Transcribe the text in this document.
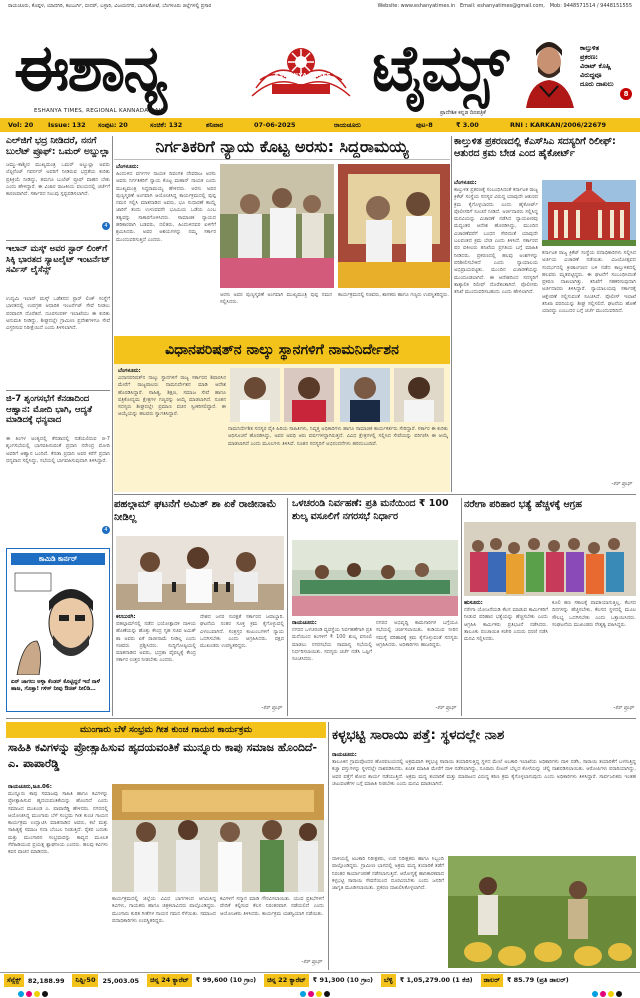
ರಾಯಚೂರು, ಕೊಪ್ಪಳ, ಯಾದಗಿರಿ, ಕಲಬುರ್ಗಿ, ಬೀದರ್, ಬಳ್ಳಾರಿ, ವಿಜಯನಗರ, ಬಾಗಲಕೋಟೆ, ಬೆಂಗಳೂರು ಜಿಲ್ಲೆಗಳಲ್ಲಿ ಪ್ರಸಾರ	Website: www.eshanyatimes.in Email: eshanyatimes@gmail.com, Mob: 9448571514 / 9448151555
ಈಶಾನ್ಯ	ESHANYA TIMES ಟೈಮ್ಸ್
ESHANYA TIMES, REGIONAL KANNADA DAILY	ಪ್ರಾದೇಶಿಕ ಕನ್ನಡ ದಿನಪತ್ರಿಕೆ
ಕಾಲ್ತುಳಿತ
ಪ್ರಕರಣ:
ವಿರಾಟ್ ಕೊಹ್ಲಿ
ವಿರುದ್ಧವೂ
ದೂರು ದಾಖಲು
8
Vol: 20	Issue: 132	ಸಂಪುಟ: 20	ಸಂಚಿಕೆ: 132	ಶನಿವಾರ	07-06-2025	ರಾಯಚೂರು	ಪುಟ-8	₹ 3.00	RNI : KARKAN/2006/22679
ಎಲ್‌ಜಿ‌ಗೆ ಭದ್ರ ನೀಡಿದರೆ, ನನಗೆ ಬುಲೆಟ್ ಪ್ರೂಫ್: ಒಮರ್ ಅಬ್ದುಲ್ಲಾ
ಜಮ್ಮು-ಕಾಶ್ಮೀರ ಮುಖ್ಯಮಂತ್ರಿ ಒಮರ್ ಅಬ್ದುಲ್ಲಾ ಅವರು ಲೆಫ್ಟಿನೆಂಟ್ ಗವರ್ನರ್ ಅವರಿಗೆ ನೀಡಿರುವ ಭದ್ರತೆಯ ಕುರಿತು ಪ್ರತಿಕ್ರಿಯೆ ನೀಡಿದ್ದು, ತಮಗೂ ಬುಲೆಟ್ ಪ್ರೂಫ್ ವಾಹನ ಬೇಕು ಎಂದು ಹೇಳಿದ್ದಾರೆ. ಈ ವಿಚಾರ ರಾಜಕೀಯ ವಲಯದಲ್ಲಿ ಚರ್ಚೆಗೆ ಕಾರಣವಾಗಿದೆ. ಸರ್ಕಾರದ ನಿಲುವು ಸ್ಪಷ್ಟಪಡಿಸಲಾಗಿದೆ.
4
ಇಲಾನ್ ಮಸ್ಕ್ ಅವರ ಸ್ಟಾರ್ ಲಿಂಕ್‌ಗೆ ಸಿಕ್ಕಿ ಭಾರತದ ಸ್ಯಾಟಲೈಟ್ ಇಂಟರ್ನೆಟ್ ಸರ್ವಿಸ್ ಲೈಸೆನ್ಸ್
ಉದ್ಯಮಿ ಇಲಾನ್ ಮಸ್ಕ್ ಒಡೆತನದ ಸ್ಟಾರ್ ಲಿಂಕ್ ಸಂಸ್ಥೆಗೆ ಭಾರತದಲ್ಲಿ ಉಪಗ್ರಹ ಆಧಾರಿತ ಇಂಟರ್ನೆಟ್ ಸೇವೆ ನೀಡಲು ಪರವಾನಗಿ ದೊರೆತಿದೆ. ದೂರಸಂಪರ್ಕ ಇಲಾಖೆಯು ಈ ಕುರಿತು ಅನುಮತಿ ನೀಡಿದ್ದು, ಶೀಘ್ರದಲ್ಲೇ ಗ್ರಾಮೀಣ ಪ್ರದೇಶಗಳಿಗೂ ಸೇವೆ ವಿಸ್ತರಿಸುವ ನಿರೀಕ್ಷೆಯಿದೆ ಎಂದು ತಿಳಿಸಲಾಗಿದೆ.
ಜಿ-7 ಶೃಂಗಸಭೆಗೆ ಕೆನಡಾದಿಂದ ಆಹ್ವಾನ: ಮೋದಿ ಭಾಗಿ, ಆದ್ಯತೆ ಮಾಡಿದಕ್ಕೆ ಧನ್ಯವಾದ
ಈ ತಿಂಗಳ ಅಂತ್ಯದಲ್ಲಿ ಕೆನಡಾದಲ್ಲಿ ನಡೆಯಲಿರುವ ಜಿ-7 ಶೃಂಗಸಭೆಯಲ್ಲಿ ಭಾಗವಹಿಸುವಂತೆ ಪ್ರಧಾನಿ ನರೇಂದ್ರ ಮೋದಿ ಅವರಿಗೆ ಆಹ್ವಾನ ಬಂದಿದೆ. ಕೆನಡಾ ಪ್ರಧಾನಿ ಅವರ ಕರೆಗೆ ಪ್ರಧಾನಿ ಧನ್ಯವಾದ ಸಲ್ಲಿಸಿದ್ದು, ಸಭೆಯಲ್ಲಿ ಭಾಗವಹಿಸುವುದಾಗಿ ತಿಳಿಸಿದ್ದಾರೆ.
4
ಕಾಮಿಡಿ ಕಾರ್ನರ್
ಏನ್ ಜಾಗಲು ಅಳ್ಳಾ ಕೆಂಡರ್ ಕೊಟ್ಟಿದ್ದರೆ ಇದೆ ನಾಳೆ ಹಾಜ, ಗೊತ್ತಾ! ಗಳಿಸ್ ನೀವು ಔಚಿತ್ ನೀಲಿಡಿ…
ನಿರ್ಗತಿಕರಿಗೆ ನ್ಯಾಯ ಕೊಟ್ಟ ಅರಸು: ಸಿದ್ದರಾಮಯ್ಯ
ಬೆಂಗಳೂರು:
ಹಿಂದುಳಿದ ವರ್ಗಗಳ ನಾಯಕ ದಿವಂಗತ ದೇವರಾಜ ಅರಸು ಅವರು ನಿರ್ಗತಿಕರಿಗೆ ನ್ಯಾಯ ಕೊಟ್ಟ ಮಹಾನ್ ನಾಯಕ ಎಂದು ಮುಖ್ಯಮಂತ್ರಿ ಸಿದ್ದರಾಮಯ್ಯ ಹೇಳಿದರು. ಅರಸು ಅವರ ಪುಣ್ಯಸ್ಮರಣೆ ಅಂಗವಾಗಿ ಆಯೋಜಿಸಿದ್ದ ಕಾರ್ಯಕ್ರಮದಲ್ಲಿ ಪುಷ್ಪ ನಮನ ಸಲ್ಲಿಸಿ ಮಾತನಾಡಿದ ಅವರು, ಭೂ ಸುಧಾರಣೆ ಕಾಯ್ದೆ ಜಾರಿಗೆ ತಂದು ಉಳುವವನೇ ಭೂಮಿಯ ಒಡೆಯ ಎಂಬ ತತ್ವವನ್ನು ಸಾಕಾರಗೊಳಿಸಿದರು. ಸಾಮಾಜಿಕ ನ್ಯಾಯದ ಹರಿಕಾರರಾಗಿ ಬಡವರು, ದಲಿತರು, ಹಿಂದುಳಿದವರ ಏಳಿಗೆಗೆ ಶ್ರಮಿಸಿದರು. ಅವರ ಆಶಯಗಳನ್ನು ನಮ್ಮ ಸರ್ಕಾರ ಮುಂದುವರಿಸುತ್ತಿದೆ ಎಂದರು.
ಅರಸು ಅವರ ಪುಣ್ಯಸ್ಮರಣೆ ಅಂಗವಾಗಿ ಮುಖ್ಯಮಂತ್ರಿ ಪುಷ್ಪ ನಮನ ಸಲ್ಲಿಸಿದರು.
ಕಾರ್ಯಕ್ರಮದಲ್ಲಿ ಸಚಿವರು, ಶಾಸಕರು ಹಾಗೂ ಗಣ್ಯರು ಉಪಸ್ಥಿತರಿದ್ದರು.
ಕಾಲ್ತುಳಿತ ಪ್ರಕರಣದಲ್ಲಿ ಕೆಎಸ್‌ಸಿಎ ಸದಸ್ಯರಿಗೆ ರಿಲೀಫ್: ಆತುರದ ಕ್ರಮ ಬೇಡ ಎಂದ ಹೈಕೋರ್ಟ್
ಬೆಂಗಳೂರು:
ಕಾಲ್ತುಳಿತ ಪ್ರಕರಣಕ್ಕೆ ಸಂಬಂಧಿಸಿದಂತೆ ಕರ್ನಾಟಕ ರಾಜ್ಯ ಕ್ರಿಕೆಟ್ ಸಂಸ್ಥೆಯ ಸದಸ್ಯರ ವಿರುದ್ಧ ಯಾವುದೇ ಆತುರದ ಕ್ರಮ ಕೈಗೊಳ್ಳಬಾರದು ಎಂದು ಹೈಕೋರ್ಟ್ ಪೊಲೀಸರಿಗೆ ಸೂಚನೆ ನೀಡಿದೆ. ಅರ್ಜಿದಾರರು ಸಲ್ಲಿಸಿದ್ದ ಮನವಿಯನ್ನು ವಿಚಾರಣೆ ನಡೆಸಿದ ನ್ಯಾಯಪೀಠವು ಮಧ್ಯಂತರ ಆದೇಶ ಹೊರಡಿಸಿದ್ದು, ಮುಂದಿನ ವಿಚಾರಣೆವರೆಗೆ ಬಂಧನ ಸೇರಿದಂತೆ ಯಾವುದೇ ಬಲವಂತದ ಕ್ರಮ ಬೇಡ ಎಂದು ತಿಳಿಸಿದೆ. ಸರ್ಕಾರದ ಪರ ವಕೀಲರು ತನಿಖೆಯ ಪ್ರಗತಿಯ ಬಗ್ಗೆ ಮಾಹಿತಿ ನೀಡಿದರು. ಪ್ರಕರಣದಲ್ಲಿ ಹಲವು ಅಂಶಗಳನ್ನು ಪರಿಶೀಲಿಸಬೇಕಿದೆ ಎಂದು ನ್ಯಾಯಾಲಯ ಅಭಿಪ್ರಾಯಪಟ್ಟಿತು. ಮುಂದಿನ ವಿಚಾರಣೆಯನ್ನು ಮುಂದೂಡಲಾಗಿದೆ. ಈ ಆದೇಶದಿಂದ ಸದಸ್ಯರಿಗೆ ತಾತ್ಕಾಲಿಕ ರಿಲೀಫ್ ದೊರೆತಂತಾಗಿದೆ. ಪೊಲೀಸರು ತನಿಖೆ ಮುಂದುವರಿಸಬಹುದು ಎಂದು ಹೇಳಲಾಗಿದೆ.
ಕರ್ನಾಟಕ ರಾಜ್ಯ ಕ್ರಿಕೆಟ್ ಸಂಸ್ಥೆಯ ಪದಾಧಿಕಾರಿಗಳು ಸಲ್ಲಿಸಿದ ಅರ್ಜಿಯ ವಿಚಾರಣೆ ನಡೆಯಿತು. ವಿಜಯೋತ್ಸವದ ಸಂದರ್ಭದಲ್ಲಿ ಕ್ರೀಡಾಂಗಣದ ಬಳಿ ನಡೆದ ಕಾಲ್ತುಳಿತದಲ್ಲಿ ಹಲವರು ಮೃತಪಟ್ಟಿದ್ದರು. ಈ ಘಟನೆಗೆ ಸಂಬಂಧಿಸಿದಂತೆ ಪ್ರಕರಣ ದಾಖಲಾಗಿತ್ತು. ತನಿಖೆಗೆ ಸಹಕರಿಸುವುದಾಗಿ ಅರ್ಜಿದಾರರು ತಿಳಿಸಿದ್ದಾರೆ. ನ್ಯಾಯಾಲಯವು ಸರ್ಕಾರಕ್ಕೆ ಆಕ್ಷೇಪಣೆ ಸಲ್ಲಿಸುವಂತೆ ಸೂಚಿಸಿದೆ. ಪೊಲೀಸ್ ಇಲಾಖೆ ತನಿಖಾ ವರದಿಯನ್ನು ಶೀಘ್ರ ಸಲ್ಲಿಸಲಿದೆ. ಘಟನೆಯ ಹೊಣೆ ಯಾರದ್ದು ಎಂಬುದರ ಬಗ್ಗೆ ಚರ್ಚೆ ಮುಂದುವರಿದಿದೆ.
-ಕೆಸ್ ಪ್ರೂಫ್
ವಿಧಾನಪರಿಷತ್‌ನ ನಾಲ್ಕು ಸ್ಥಾನಗಳಿಗೆ ನಾಮನಿರ್ದೇಶನ
ಬೆಂಗಳೂರು:
ವಿಧಾನಪರಿಷತ್‌ನ ನಾಲ್ಕು ಸ್ಥಾನಗಳಿಗೆ ರಾಜ್ಯ ಸರ್ಕಾರದ ಶಿಫಾರಸಿನ ಮೇರೆಗೆ ರಾಜ್ಯಪಾಲರು ನಾಮನಿರ್ದೇಶನ ಮಾಡಿ ಆದೇಶ ಹೊರಡಿಸಿದ್ದಾರೆ. ಸಾಹಿತ್ಯ, ಶಿಕ್ಷಣ, ಸಮಾಜ ಸೇವೆ ಹಾಗೂ ಪತ್ರಿಕೋದ್ಯಮ ಕ್ಷೇತ್ರಗಳ ಗಣ್ಯರನ್ನು ಆಯ್ಕೆ ಮಾಡಲಾಗಿದೆ. ನೂತನ ಸದಸ್ಯರು ಶೀಘ್ರದಲ್ಲೇ ಪ್ರಮಾಣ ವಚನ ಸ್ವೀಕರಿಸಲಿದ್ದಾರೆ. ಈ ಆಯ್ಕೆಯನ್ನು ಹಲವರು ಸ್ವಾಗತಿಸಿದ್ದಾರೆ.
ನಾಮನಿರ್ದೇಶಿತ ಸದಸ್ಯರ ಪೈಕಿ ಹಿರಿಯ ಸಾಹಿತಿಗಳು, ನಿವೃತ್ತ ಅಧಿಕಾರಿಗಳು ಹಾಗೂ ಸಾಮಾಜಿಕ ಕಾರ್ಯಕರ್ತರು ಸೇರಿದ್ದಾರೆ. ಸರ್ಕಾರ ಈ ಕುರಿತು ಅಧಿಸೂಚನೆ ಹೊರಡಿಸಿದ್ದು, ಅವರ ಅವಧಿ ಆರು ವರ್ಷಗಳದ್ದಾಗಿರುತ್ತದೆ. ವಿವಿಧ ಕ್ಷೇತ್ರಗಳಲ್ಲಿ ಸಲ್ಲಿಸಿದ ಸೇವೆಯನ್ನು ಪರಿಗಣಿಸಿ ಈ ಆಯ್ಕೆ ಮಾಡಲಾಗಿದೆ ಎಂದು ಮೂಲಗಳು ತಿಳಿಸಿವೆ. ನೂತನ ಸದಸ್ಯರಿಗೆ ಅಭಿನಂದನೆಗಳು ಹರಿದುಬಂದಿವೆ.
ಪಹಲ್ಗಾಮ್ ಘಟನೆಗೆ ಅಮಿತ್ ಶಾ ಏಕೆ ರಾಜೀನಾಮೆ ನೀಡಿಲ್ಲ
ಕಲಬುರಗಿ:
ಪಹಲ್ಗಾಮ್‌ನಲ್ಲಿ ನಡೆದ ಭಯೋತ್ಪಾದಕ ದಾಳಿಯ ಹೊಣೆಯನ್ನು ಹೊತ್ತು ಕೇಂದ್ರ ಗೃಹ ಸಚಿವ ಅಮಿತ್ ಶಾ ಅವರು ಏಕೆ ರಾಜೀನಾಮೆ ನೀಡಿಲ್ಲ ಎಂದು ಸಚಿವರು ಪ್ರಶ್ನಿಸಿದರು. ಸುದ್ದಿಗೋಷ್ಠಿಯಲ್ಲಿ ಮಾತನಾಡಿದ ಅವರು, ಭದ್ರತಾ ವೈಫಲ್ಯಕ್ಕೆ ಕೇಂದ್ರ ಸರ್ಕಾರ ಉತ್ತರ ನೀಡಬೇಕು ಎಂದರು.
ದೇಶದ ಜನರ ಸುರಕ್ಷತೆ ಸರ್ಕಾರದ ಜವಾಬ್ದಾರಿ. ಘಟನೆಯ ನಂತರ ಸೂಕ್ತ ಕ್ರಮ ಕೈಗೊಳ್ಳುವಲ್ಲಿ ವಿಳಂಬವಾಗಿದೆ. ಸಂತ್ರಸ್ತರ ಕುಟುಂಬಗಳಿಗೆ ನ್ಯಾಯ ಒದಗಿಸಬೇಕು ಎಂದು ಆಗ್ರಹಿಸಿದರು. ಪಕ್ಷದ ಮುಖಂಡರು ಉಪಸ್ಥಿತರಿದ್ದರು.
-ಕೆಸ್ ಪ್ರೂಫ್
ಒಳಚರಂಡಿ ನಿರ್ವಹಣೆ: ಪ್ರತಿ ಮನೆಯಿಂದ ₹ 100 ಶುಲ್ಕ ವಸೂಲಿಗೆ ನಗರಸಭೆ ನಿರ್ಧಾರ
ರಾಯಚೂರು:
ನಗರದ ಒಳಚರಂಡಿ ವ್ಯವಸ್ಥೆಯ ನಿರ್ವಹಣೆಗಾಗಿ ಪ್ರತಿ ಮನೆಯಿಂದ ತಿಂಗಳಿಗೆ ₹ 100 ಶುಲ್ಕ ವಸೂಲಿ ಮಾಡಲು ನಗರಸಭೆಯ ಸಾಮಾನ್ಯ ಸಭೆಯಲ್ಲಿ ನಿರ್ಧರಿಸಲಾಯಿತು. ಸದಸ್ಯರು ಚರ್ಚೆ ನಡೆಸಿ ಒಪ್ಪಿಗೆ ಸೂಚಿಸಿದರು.
ನಗರದ ಅಭಿವೃದ್ಧಿ ಕಾಮಗಾರಿಗಳ ಬಗ್ಗೆಯೂ ಸಭೆಯಲ್ಲಿ ಚರ್ಚಿಸಲಾಯಿತು. ಕುಡಿಯುವ ನೀರಿನ ಸಮಸ್ಯೆ ಪರಿಹಾರಕ್ಕೆ ಕ್ರಮ ಕೈಗೊಳ್ಳುವಂತೆ ಸದಸ್ಯರು ಆಗ್ರಹಿಸಿದರು. ಅಧಿಕಾರಿಗಳು ಹಾಜರಿದ್ದರು.
-ಕೆಸ್ ಪ್ರೂಫ್
ನರೇಗಾ ಪರಿಹಾರ ಭತ್ಯೆ ಹೆಚ್ಚಳಕ್ಕೆ ಆಗ್ರಹ
ಹುಸೂರು:
ನರೇಗಾ ಯೋಜನೆಯಡಿ ಕೆಲಸ ಮಾಡುವ ಕಾರ್ಮಿಕರಿಗೆ ನೀಡುವ ಪರಿಹಾರ ಭತ್ಯೆಯನ್ನು ಹೆಚ್ಚಿಸಬೇಕು ಎಂದು ಆಗ್ರಹಿಸಿ ಕಾರ್ಮಿಕರು ಪ್ರತಿಭಟನೆ ನಡೆಸಿದರು. ತಾಲೂಕು ಪಂಚಾಯಿತಿ ಕಚೇರಿ ಎದುರು ಧರಣಿ ನಡೆಸಿ ಮನವಿ ಸಲ್ಲಿಸಿದರು.
ಕೂಲಿ ಹಣ ಸಕಾಲಕ್ಕೆ ಪಾವತಿಯಾಗುತ್ತಿಲ್ಲ. ಕೆಲಸದ ದಿನಗಳನ್ನು ಹೆಚ್ಚಿಸಬೇಕು, ಕೆಲಸದ ಸ್ಥಳದಲ್ಲಿ ಮೂಲ ಸೌಲಭ್ಯ ಒದಗಿಸಬೇಕು ಎಂದು ಒತ್ತಾಯಿಸಿದರು. ಸಂಘಟನೆಯ ಮುಖಂಡರು ನೇತೃತ್ವ ವಹಿಸಿದ್ದರು.
-ಕೆಸ್ ಪ್ರೂಫ್
ಮುಂಗಾರು ಬೆಳೆ ಸಂಭ್ರಮ ಗೀತ ಕುಂಚ ಗಾಯನ ಕಾರ್ಯಕ್ರಮ
ಸಾಹಿತಿ ಕವಿಗಳನ್ನು ಪ್ರೋತ್ಸಾಹಿಸುವ ಹೃದಯವಂತಿಕೆ ಮುನ್ನೂರು ಕಾಪು ಸಮಾಜ ಹೊಂದಿದೆ-ಎ. ಪಾಪಾರೆಡ್ಡಿ
ರಾಯಚೂರು,ಜೂ.06:
ಮುನ್ನೂರು ಕಾಪು ಸಮಾಜವು ಸಾಹಿತಿ ಹಾಗೂ ಕವಿಗಳನ್ನು ಪ್ರೋತ್ಸಾಹಿಸುವ ಹೃದಯವಂತಿಕೆಯನ್ನು ಹೊಂದಿದೆ ಎಂದು ಸಮಾಜದ ಮುಖಂಡ ಎ. ಪಾಪಾರೆಡ್ಡಿ ಹೇಳಿದರು. ನಗರದಲ್ಲಿ ಆಯೋಜಿಸಿದ್ದ ಮುಂಗಾರು ಬೆಳೆ ಸಂಭ್ರಮ ಗೀತ ಕುಂಚ ಗಾಯನ ಕಾರ್ಯಕ್ರಮ ಉದ್ಘಾಟಿಸಿ ಮಾತನಾಡಿದ ಅವರು, ಕಲೆ ಮತ್ತು ಸಾಹಿತ್ಯಕ್ಕೆ ಸಮಾಜ ಸದಾ ಬೆಂಬಲ ನೀಡುತ್ತಿದೆ. ರೈತರ ಬದುಕು ಮತ್ತು ಮುಂಗಾರಿನ ಸಂಭ್ರಮವನ್ನು ಕಾವ್ಯದ ಮೂಲಕ ಸೆರೆಹಿಡಿಯುವ ಪ್ರಯತ್ನ ಶ್ಲಾಘನೀಯ ಎಂದರು. ಹಲವು ಕವಿಗಳು ಕವನ ವಾಚನ ಮಾಡಿದರು.
ಕಾರ್ಯಕ್ರಮದಲ್ಲಿ ಜಿಲ್ಲೆಯ ವಿವಿಧ ಭಾಗಗಳಿಂದ ಆಗಮಿಸಿದ್ದ ಕವಿಗಳು, ಗಾಯಕರು ಹಾಗೂ ಚಿತ್ರಕಲಾವಿದರು ಪಾಲ್ಗೊಂಡಿದ್ದರು. ಮುಂಗಾರು ಕುರಿತ ಗೀತೆಗಳ ಗಾಯನ ಗಮನ ಸೆಳೆಯಿತು. ಸಮಾಜದ ಪದಾಧಿಕಾರಿಗಳು ಉಪಸ್ಥಿತರಿದ್ದರು.
ಕವಿಗಳಿಗೆ ಸನ್ಮಾನ ಮಾಡಿ ಗೌರವಿಸಲಾಯಿತು. ಯುವ ಪ್ರತಿಭೆಗಳಿಗೆ ವೇದಿಕೆ ಕಲ್ಪಿಸುವ ಕೆಲಸ ನಿರಂತರವಾಗಿ ನಡೆಯಲಿದೆ ಎಂದು ಆಯೋಜಕರು ತಿಳಿಸಿದರು. ಕಾರ್ಯಕ್ರಮ ಯಶಸ್ವಿಯಾಗಿ ನಡೆಯಿತು.
-ಕೆಸ್ ಪ್ರೂಫ್
ಕಳ್ಳಭಟ್ಟಿ ಸಾರಾಯಿ ಪತ್ತೆ: ಸ್ಥಳದಲ್ಲೇ ನಾಶ
ರಾಯಚೂರು:
ತಾಲೂಕಿನ ಗ್ರಾಮವೊಂದರ ಹೊರವಲಯದಲ್ಲಿ ಅಕ್ರಮವಾಗಿ ಕಳ್ಳಭಟ್ಟಿ ಸಾರಾಯಿ ತಯಾರಿಸುತ್ತಿದ್ದ ಸ್ಥಳದ ಮೇಲೆ ಅಬಕಾರಿ ಇಲಾಖೆಯ ಅಧಿಕಾರಿಗಳು ದಾಳಿ ನಡೆಸಿ, ಸಾರಾಯಿ ತಯಾರಿಕೆಗೆ ಬಳಸುತ್ತಿದ್ದ ಕಚ್ಚಾ ವಸ್ತುಗಳನ್ನು ಸ್ಥಳದಲ್ಲೇ ನಾಶಪಡಿಸಿದರು. ಖಚಿತ ಮಾಹಿತಿ ಮೇರೆಗೆ ದಾಳಿ ನಡೆಸಲಾಗಿದ್ದು, ನೂರಾರು ಲೀಟರ್ ಬೆಲ್ಲದ ಕೊಳೆಯನ್ನು ಚೆಲ್ಲಿ ನಾಶಪಡಿಸಲಾಯಿತು. ಆರೋಪಿಗಳು ಪರಾರಿಯಾಗಿದ್ದು, ಅವರ ಪತ್ತೆಗೆ ಶೋಧ ಕಾರ್ಯ ನಡೆಯುತ್ತಿದೆ. ಅಕ್ರಮ ಮದ್ಯ ತಯಾರಿಕೆ ಮತ್ತು ಮಾರಾಟದ ವಿರುದ್ಧ ಕಠಿಣ ಕ್ರಮ ಕೈಗೊಳ್ಳಲಾಗುವುದು ಎಂದು ಅಧಿಕಾರಿಗಳು ತಿಳಿಸಿದ್ದಾರೆ. ಸಾರ್ವಜನಿಕರು ಇಂತಹ ಚಟುವಟಿಕೆಗಳ ಬಗ್ಗೆ ಮಾಹಿತಿ ನೀಡಬೇಕು ಎಂದು ಮನವಿ ಮಾಡಲಾಗಿದೆ.
ದಾಳಿಯಲ್ಲಿ ಅಬಕಾರಿ ನಿರೀಕ್ಷಕರು, ಉಪ ನಿರೀಕ್ಷಕರು ಹಾಗೂ ಸಿಬ್ಬಂದಿ ಪಾಲ್ಗೊಂಡಿದ್ದರು. ಗ್ರಾಮೀಣ ಭಾಗದಲ್ಲಿ ಅಕ್ರಮ ಮದ್ಯ ತಯಾರಿಕೆ ತಡೆಗೆ ನಿರಂತರ ಕಾರ್ಯಾಚರಣೆ ನಡೆಸಲಾಗುತ್ತಿದೆ. ಆರೋಗ್ಯಕ್ಕೆ ಹಾನಿಕಾರಕವಾದ ಕಳ್ಳಭಟ್ಟಿ ಸಾರಾಯಿ ಸೇವನೆಯಿಂದ ದೂರವಿರಬೇಕು ಎಂದು ಜನರಿಗೆ ಜಾಗೃತಿ ಮೂಡಿಸಲಾಯಿತು. ಪ್ರಕರಣ ದಾಖಲಿಸಿಕೊಳ್ಳಲಾಗಿದೆ.
ಸೆನ್ಸೆಕ್ಸ್	82,188.99	ನಿಫ್ಟಿ-50	25,003.05	ಚಿನ್ನ 24 ಕ್ಯಾರೆಟ್	₹ 99,600 (10 ಗ್ರಾಂ)	ಚಿನ್ನ 22 ಕ್ಯಾರೆಟ್	₹ 91,300 (10 ಗ್ರಾಂ)	ಬೆಳ್ಳಿ	₹ 1,05,279.00 (1 ಕೆಜಿ)	ಡಾಲರ್	₹ 85.79 (ಪ್ರತಿ ಡಾಲರ್)
